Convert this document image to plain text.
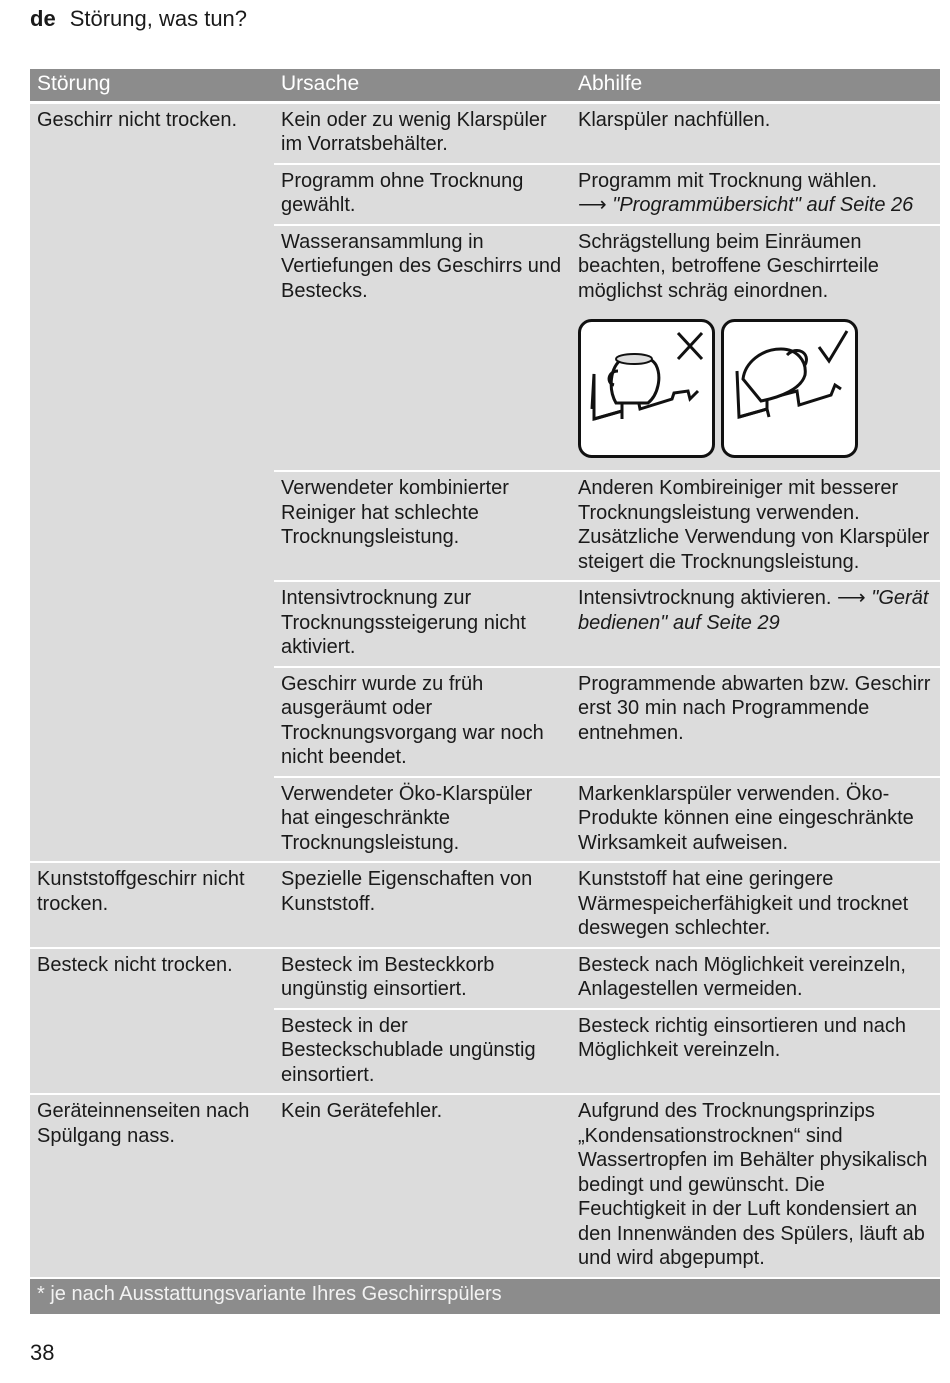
de Störung, was tun?
Störung	Ursache	Abhilfe
Geschirr nicht trocken.	Kein oder zu wenig Klarspüler im Vorratsbehälter.	Klarspüler nachfüllen.
	Programm ohne Trocknung gewählt.	Programm mit Trocknung wählen.
⟶ "Programmübersicht" auf Seite 26
	Wasseransammlung in Vertiefungen des Geschirrs und Bestecks.	Schrägstellung beim Einräumen beachten, betroffene Geschirrteile möglichst schräg einordnen.

	Verwendeter kombinierter Reiniger hat schlechte Trocknungsleistung.	Anderen Kombireiniger mit besserer Trocknungsleistung verwenden. Zusätzliche Verwendung von Klarspüler steigert die Trocknungsleistung.
	Intensivtrocknung zur Trocknungssteigerung nicht aktiviert.	Intensivtrocknung aktivieren. ⟶ "Gerät bedienen" auf Seite 29
	Geschirr wurde zu früh ausgeräumt oder Trocknungsvorgang war noch nicht beendet.	Programmende abwarten bzw. Geschirr erst 30 min nach Programmende entnehmen.
	Verwendeter Öko-Klarspüler hat eingeschränkte Trocknungsleistung.	Markenklarspüler verwenden. Öko-Produkte können eine eingeschränkte Wirksamkeit aufweisen.
Kunststoffgeschirr nicht trocken.	Spezielle Eigenschaften von Kunststoff.	Kunststoff hat eine geringere Wärmespeicherfähigkeit und trocknet deswegen schlechter.
Besteck nicht trocken.	Besteck im Besteckkorb ungünstig einsortiert.	Besteck nach Möglichkeit vereinzeln, Anlagestellen vermeiden.
	Besteck in der Besteckschublade ungünstig einsortiert.	Besteck richtig einsortieren und nach Möglichkeit vereinzeln.
Geräteinnenseiten nach Spülgang nass.	Kein Gerätefehler.	Aufgrund des Trocknungsprinzips „Kondensationstrocknen“ sind Wassertropfen im Behälter physikalisch bedingt und gewünscht. Die Feuchtigkeit in der Luft kondensiert an den Innenwänden des Spülers, läuft ab und wird abgepumpt.
* je nach Ausstattungsvariante Ihres Geschirrspülers		
38
